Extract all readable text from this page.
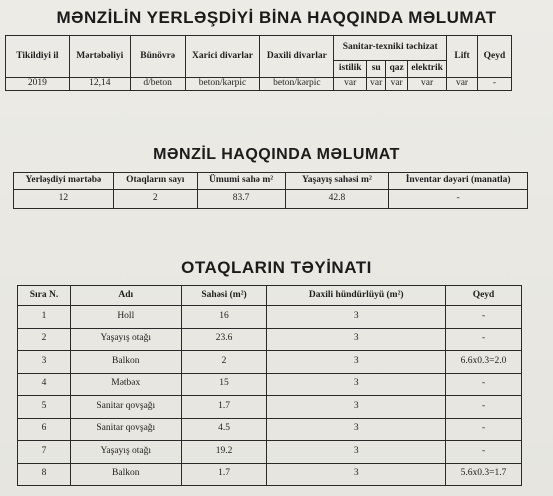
MƏNZİLİN YERLƏŞDİYİ BİNA HAQQINDA MƏLUMAT
Tikildiyi il	Mərtəbəliyi	Bünövrə	Xarici divarlar	Daxili divarlar	Sanitar-texniki təchizat				Lift	Qeyd
					istilik	su	qaz	elektrik		
2019	12,14	d/beton	beton/kərpic	beton/kərpic	var	var	var	var	var	-
MƏNZİL HAQQINDA MƏLUMAT
Yerləşdiyi mərtəbə	Otaqların sayı	Ümumi sahə m²	Yaşayış sahəsi m²	İnventar dəyəri (manatla)
12	2	83.7	42.8	-
OTAQLARIN TƏYİNATI
Sıra N.	Adı	Sahəsi (m²)	Daxili hündürlüyü (m²)	Qeyd
1	Holl	16	3	-
2	Yaşayış otağı	23.6	3	-
3	Balkon	2	3	6.6x0.3=2.0
4	Mətbəx	15	3	-
5	Sanitar qovşağı	1.7	3	-
6	Sanitar qovşağı	4.5	3	-
7	Yaşayış otağı	19.2	3	-
8	Balkon	1.7	3	5.6x0.3=1.7
